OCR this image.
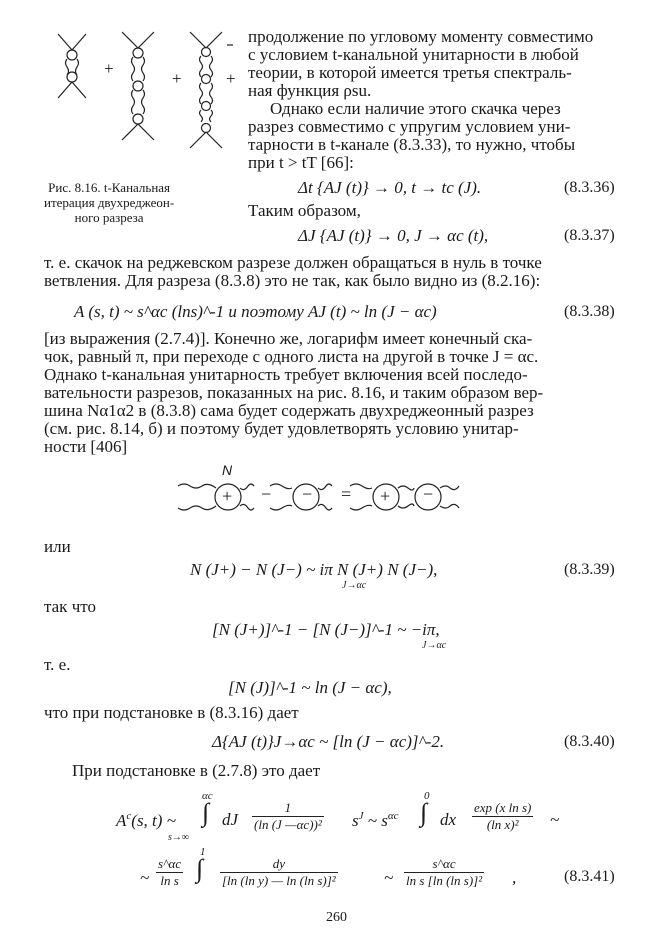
+
+	+
Рис. 8.16. t-Канальная
итерация двухреджеон-
ного разреза
продолжение по угловому моменту совместимо
с условием t-канальной унитарности в любой
теории, в которой имеется третья спектраль-
ная функция ρsu.
Однако если наличие этого скачка через
разрез совместимо с упругим условием уни-
тарности в t-канале (8.3.33), то нужно, чтобы
при t > tT [66]:
Δt {AJ (t)} → 0, t → tc (J).	(8.3.36)
Таким образом,
ΔJ {AJ (t)} → 0, J → αc (t),	(8.3.37)
т. е. скачок на реджевском разрезе должен обращаться в нуль в точке
ветвления. Для разреза (8.3.8) это не так, как было видно из (8.2.16):
A (s, t) ~ s^αc (lns)^-1 и поэтому AJ (t) ~ ln (J − αc)	(8.3.38)
[из выражения (2.7.4)]. Конечно же, логарифм имеет конечный ска-
чок, равный π, при переходе с одного листа на другой в точке J = αc.
Однако t-канальная унитарность требует включения всей последо-
вательности разрезов, показанных на рис. 8.16, и таким образом вер-
шина Nα1α2 в (8.3.8) сама будет содержать двухреджеонный разрез
(см. рис. 8.14, б) и поэтому будет удовлетворять условию унитар-
ности [406]
N
+ − − = + −
или
N (J+) − N (J−) ~ iπ N (J+) N (J−),
J→αc
(8.3.39)
так что
[N (J+)]^-1 − [N (J−)]^-1 ~ −iπ,
J→αc
т. е.
[N (J)]^-1 ~ ln (J − αc),
что при подстановке в (8.3.16) дает
Δ{AJ (t)}J→αc ~ [ln (J − αc)]^-2.	(8.3.40)
При подстановке в (2.7.8) это дает
$A^c(s$, t) ~
s→∞
αc
∫ dJ $\frac{1}{\text{(ln (J —αc))²}} s^J$ ~ $s^{\alpha c}$
0
∫ dx $\frac{\text{exp (x ln s)}}{\text{(ln x)²}}$ ~
~ $\frac{s\^{}\alpha c}{\text{ln s}}$
1
∫ $\frac{dy}{\text{[ln (ln y) — ln (ln s)]²}}$	~ $\frac{s\^{}\alpha c}{\text{ln s [ln (ln s)]²}}$ ,	(8.3.41)
260
